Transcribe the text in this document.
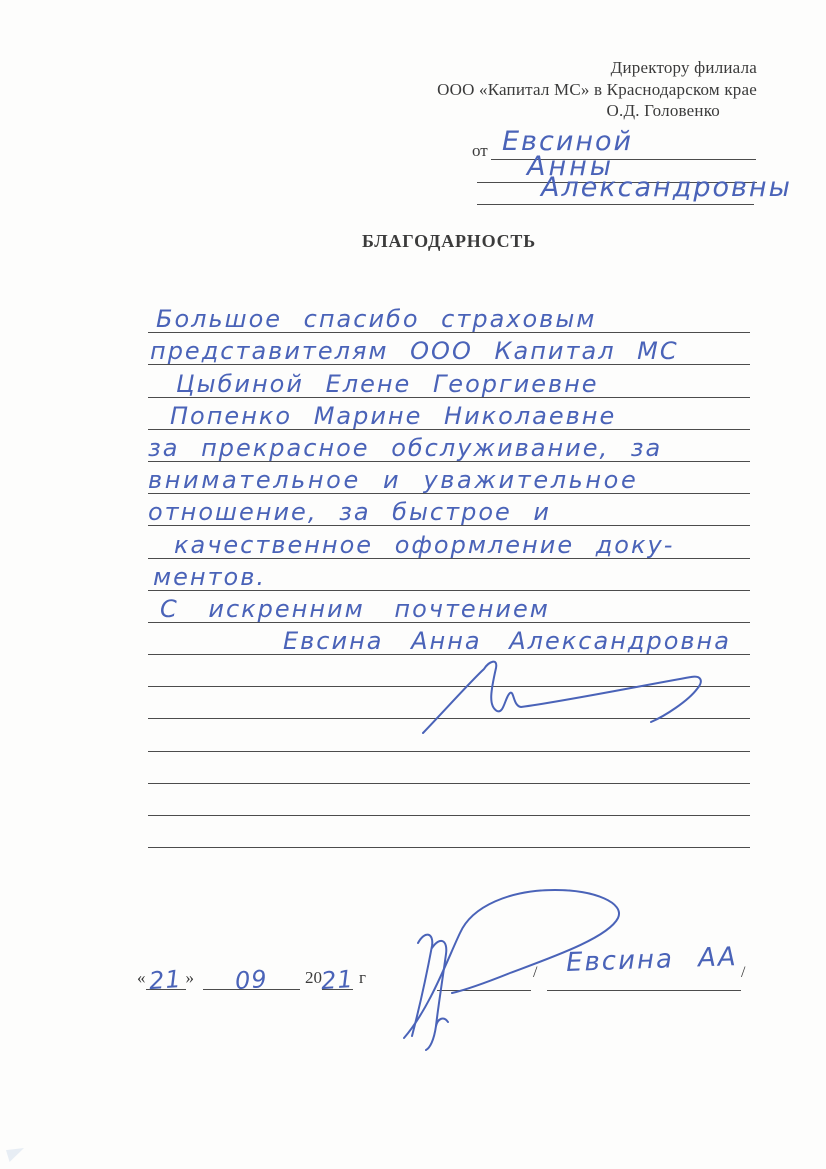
Директору филиала
ООО «Капитал МС» в Краснодарском крае
О.Д. Головенко
от Евсиной
Анны
Александровны
БЛАГОДАРНОСТЬ
Большое спасибо страховым
представителям ООО Капитал МС
Цыбиной Елене Георгиевне
Попенко Марине Николаевне
за прекрасное обслуживание, за
внимательное и уважительное
отношение, за быстрое и
качественное оформление доку-
ментов.
С искренним почтением
Евсина Анна Александровна
« 21 » 09 20
21 г	/ Евсина АА /
